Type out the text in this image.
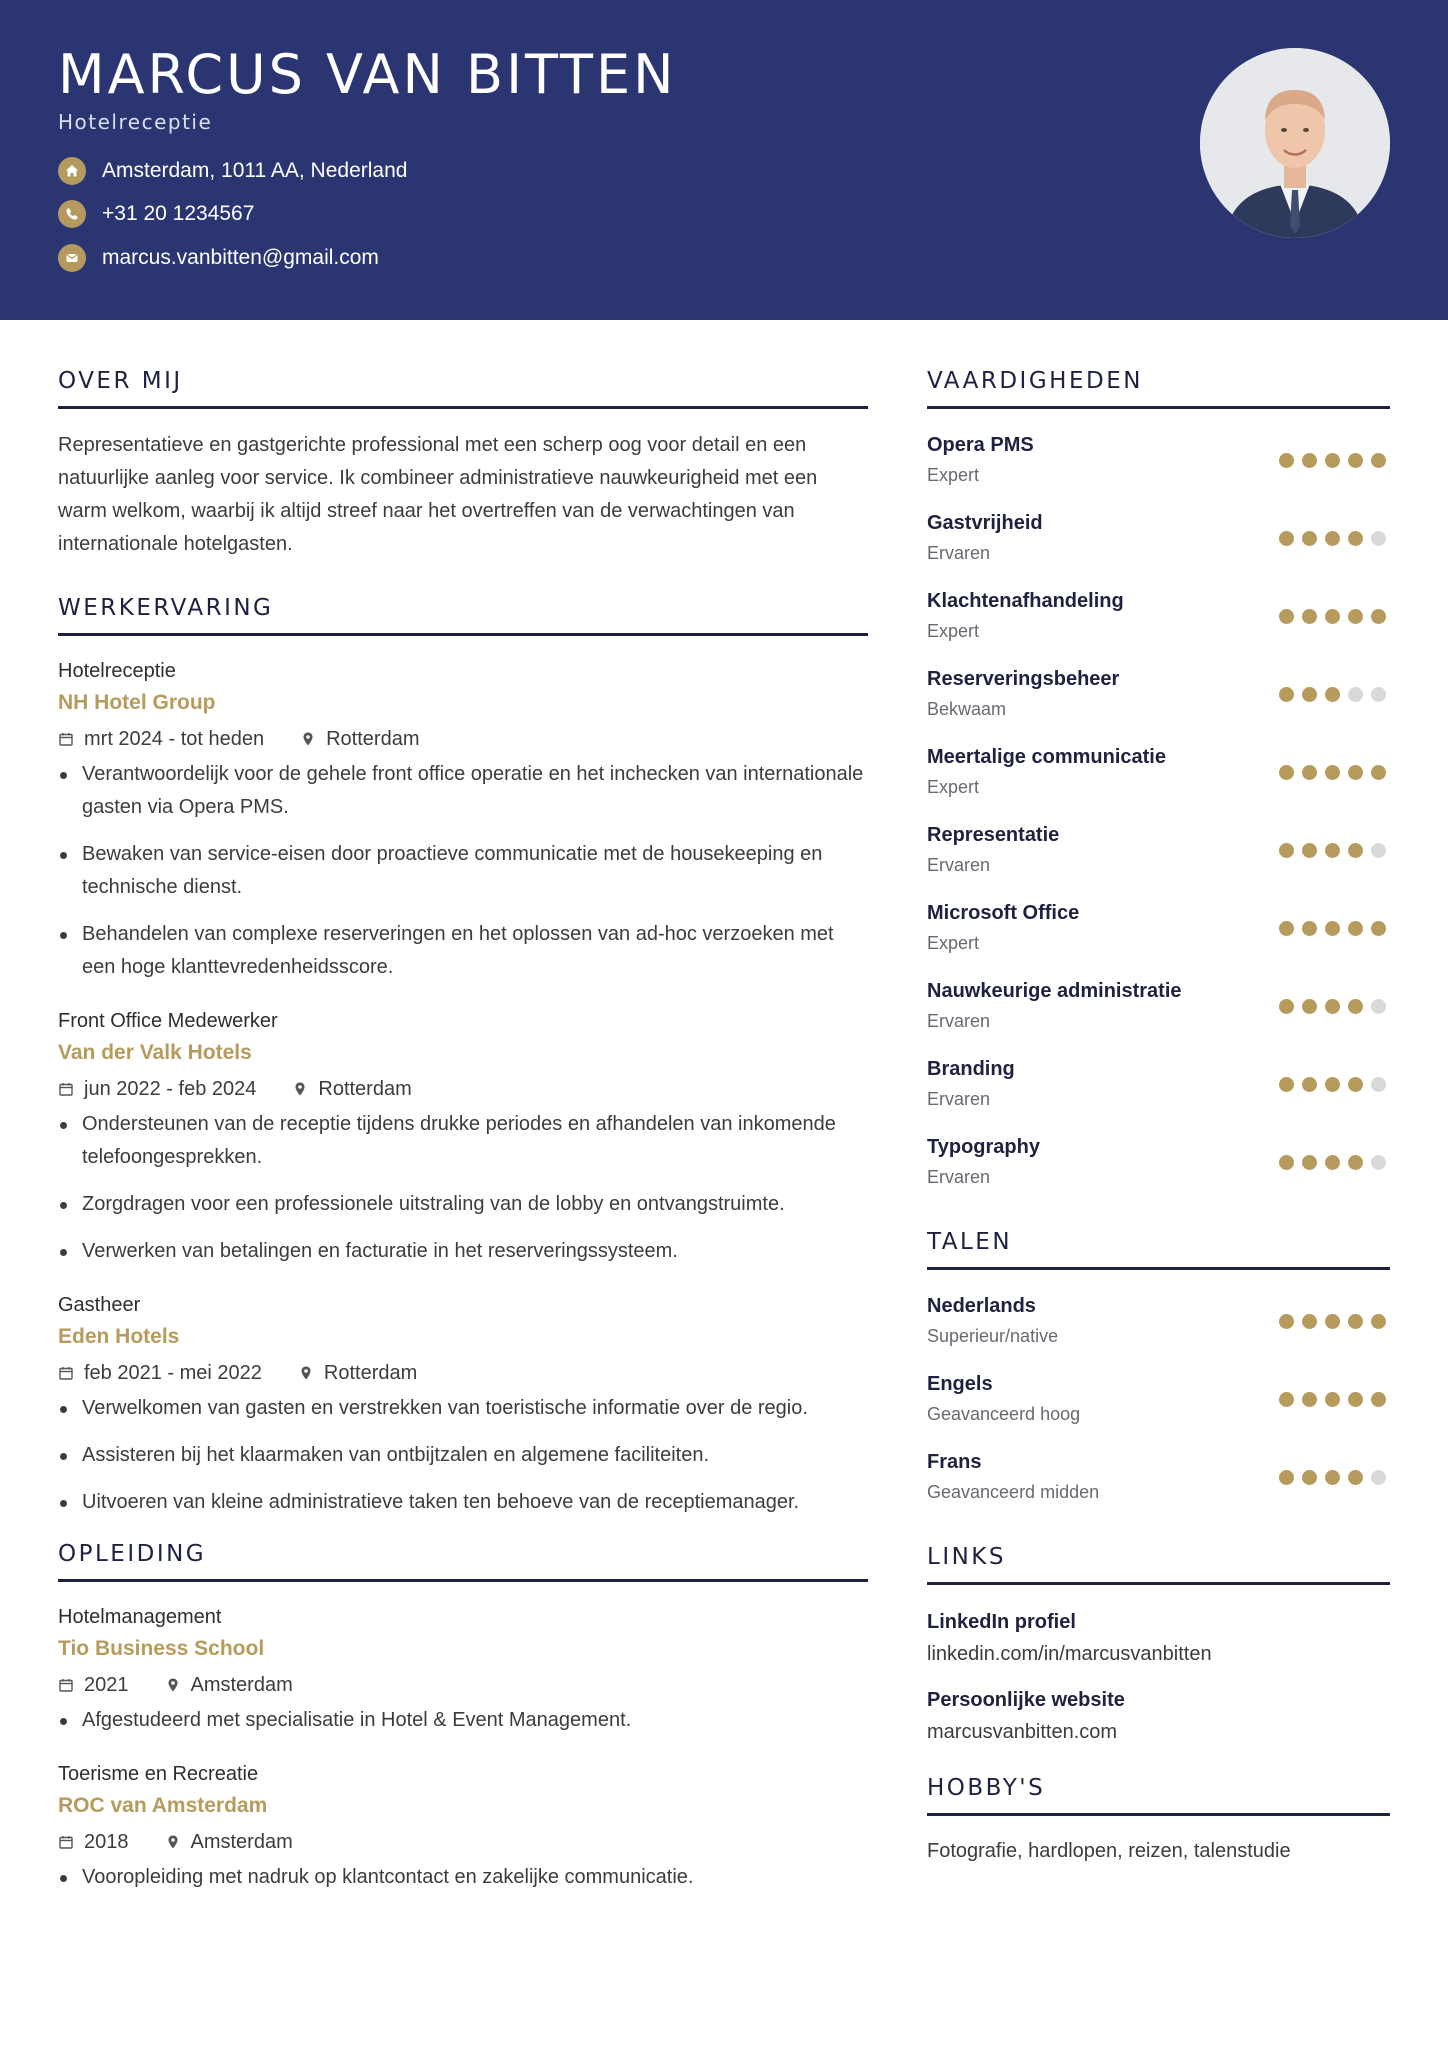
MARCUS VAN BITTEN
Hotelreceptie
Amsterdam, 1011 AA, Nederland
+31 20 1234567
marcus.vanbitten@gmail.com
OVER MIJ
Representatieve en gastgerichte professional met een scherp oog voor detail en een natuurlijke aanleg voor service. Ik combineer administratieve nauwkeurigheid met een warm welkom, waarbij ik altijd streef naar het overtreffen van de verwachtingen van internationale hotelgasten.
WERKERVARING
Hotelreceptie
NH Hotel Group
mrt 2024 - tot heden	Rotterdam
Verantwoordelijk voor de gehele front office operatie en het inchecken van internationale gasten via Opera PMS.
Bewaken van service-eisen door proactieve communicatie met de housekeeping en technische dienst.
Behandelen van complexe reserveringen en het oplossen van ad-hoc verzoeken met een hoge klanttevredenheidsscore.
Front Office Medewerker
Van der Valk Hotels
jun 2022 - feb 2024	Rotterdam
Ondersteunen van de receptie tijdens drukke periodes en afhandelen van inkomende telefoongesprekken.
Zorgdragen voor een professionele uitstraling van de lobby en ontvangstruimte.
Verwerken van betalingen en facturatie in het reserveringssysteem.
Gastheer
Eden Hotels
feb 2021 - mei 2022	Rotterdam
Verwelkomen van gasten en verstrekken van toeristische informatie over de regio.
Assisteren bij het klaarmaken van ontbijtzalen en algemene faciliteiten.
Uitvoeren van kleine administratieve taken ten behoeve van de receptiemanager.
OPLEIDING
Hotelmanagement
Tio Business School
2021	Amsterdam
Afgestudeerd met specialisatie in Hotel & Event Management.
Toerisme en Recreatie
ROC van Amsterdam
2018	Amsterdam
Vooropleiding met nadruk op klantcontact en zakelijke communicatie.
VAARDIGHEDEN
Opera PMS
Expert
Gastvrijheid
Ervaren
Klachtenafhandeling
Expert
Reserveringsbeheer
Bekwaam
Meertalige communicatie
Expert
Representatie
Ervaren
Microsoft Office
Expert
Nauwkeurige administratie
Ervaren
Branding
Ervaren
Typography
Ervaren
TALEN
Nederlands
Superieur/native
Engels
Geavanceerd hoog
Frans
Geavanceerd midden
LINKS
LinkedIn profiel
linkedin.com/in/marcusvanbitten
Persoonlijke website
marcusvanbitten.com
HOBBY'S
Fotografie, hardlopen, reizen, talenstudie
